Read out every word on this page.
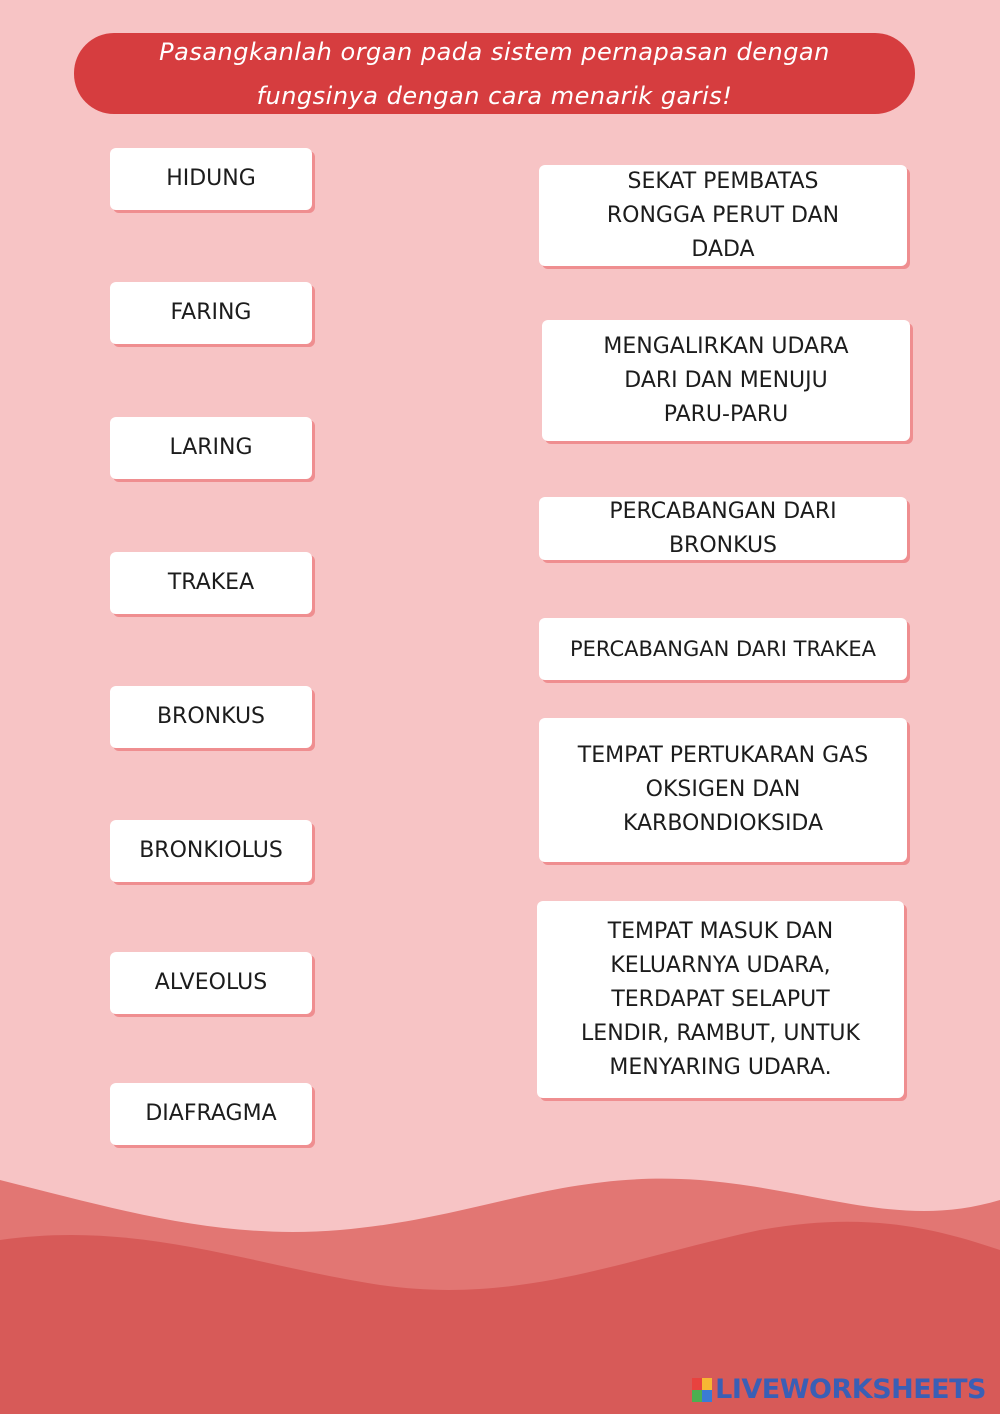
Pasangkanlah organ pada sistem pernapasan dengan
fungsinya dengan cara menarik garis!
HIDUNG
FARING
LARING
TRAKEA
BRONKUS
BRONKIOLUS
ALVEOLUS
DIAFRAGMA
SEKAT PEMBATAS
RONGGA PERUT DAN
DADA
MENGALIRKAN UDARA
DARI DAN MENUJU
PARU-PARU
PERCABANGAN DARI
BRONKUS
PERCABANGAN DARI TRAKEA
TEMPAT PERTUKARAN GAS
OKSIGEN DAN
KARBONDIOKSIDA
TEMPAT MASUK DAN
KELUARNYA UDARA,
TERDAPAT SELAPUT
LENDIR, RAMBUT, UNTUK
MENYARING UDARA.
LIVEWORKSHEETS
